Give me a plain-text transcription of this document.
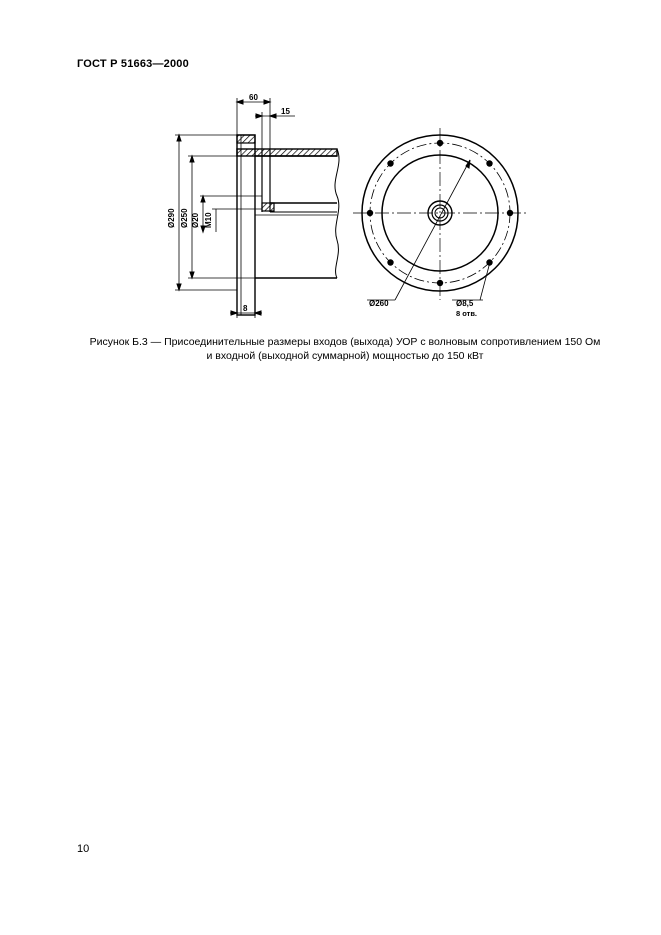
ГОСТ Р 51663—2000
60
15
Ø290 Ø250 Ø20 M10
8
Ø260	Ø8,5
8 отв.
Рисунок Б.3 — Присоединительные размеры входов (выхода) УОР с волновым сопротивлением 150 Ом
и входной (выходной суммарной) мощностью до 150 кВт
10
